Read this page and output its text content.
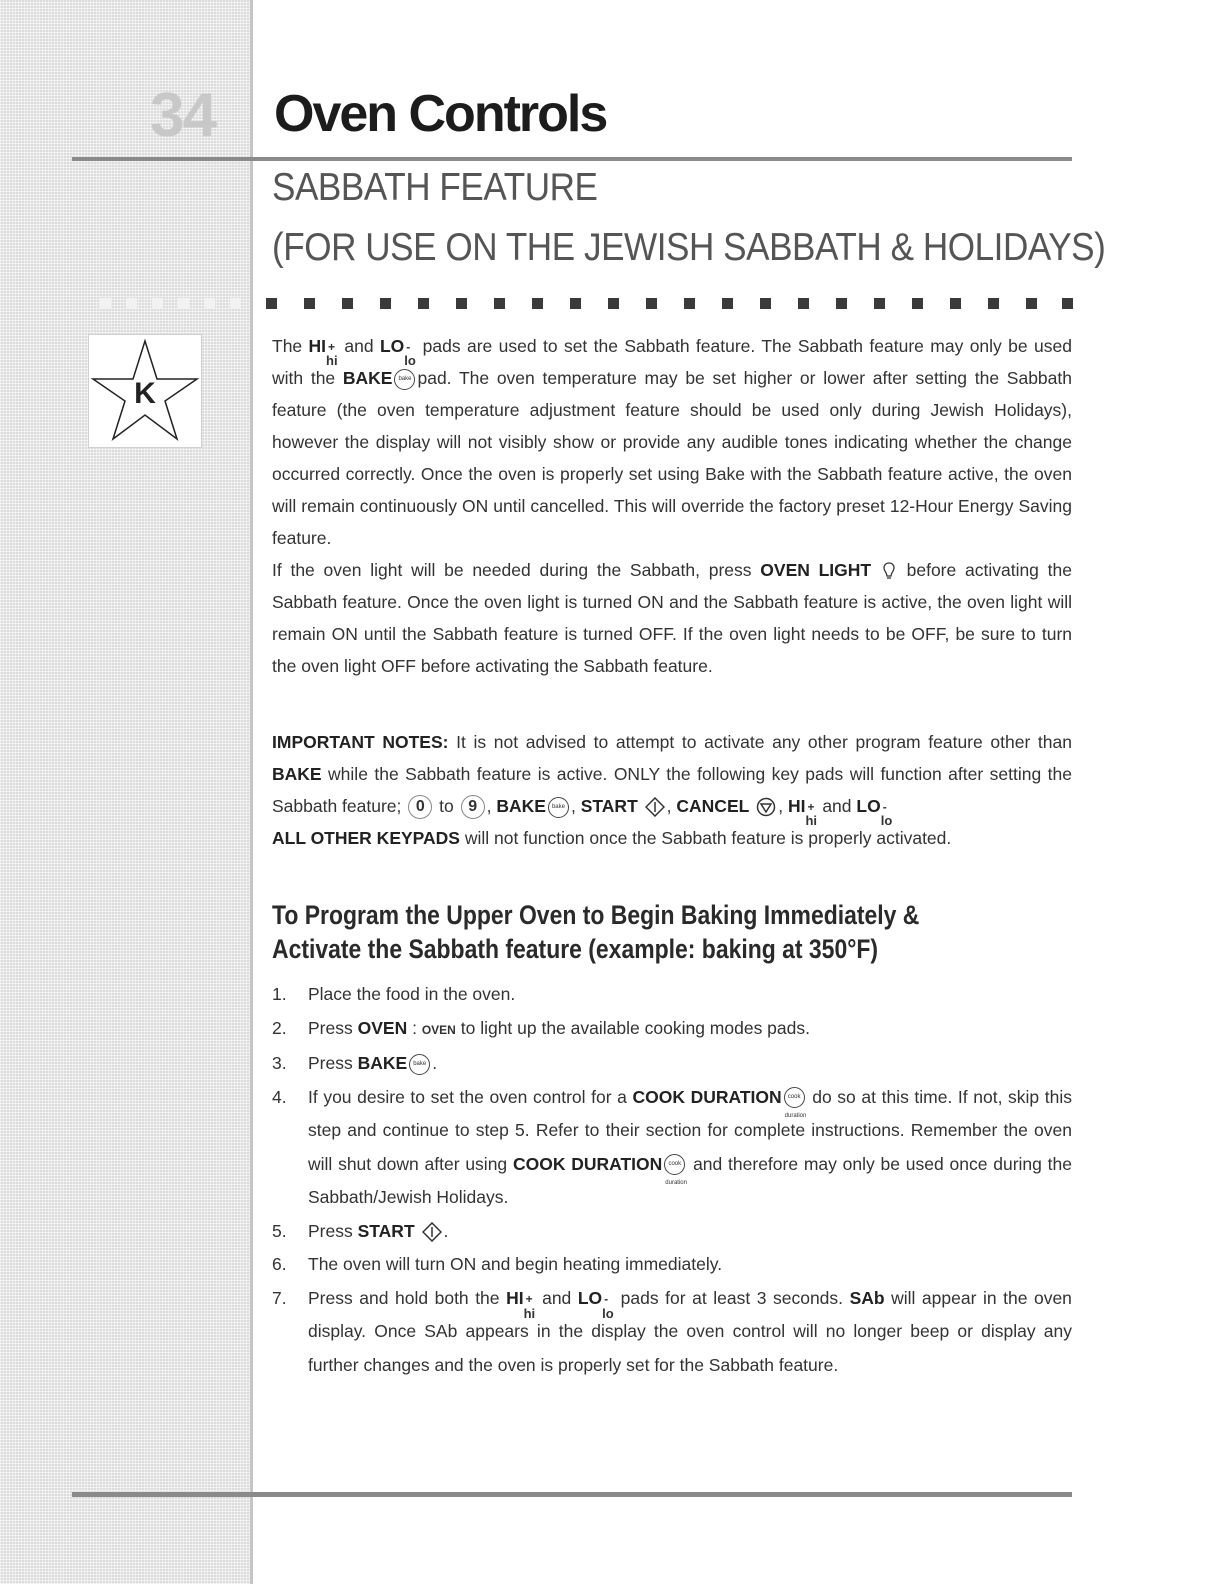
34	Oven Controls
SABBATH FEATURE
(FOR USE ON THE JEWISH SABBATH & HOLIDAYS)
K

The HI +
hi
and LO -
lo
pads are used to set the Sabbath feature. The Sabbath feature may only be used with the BAKE bake pad. The oven temperature may be set higher or lower after setting the Sabbath feature (the oven temperature adjustment feature should be used only during Jewish Holidays), however the display will not visibly show or provide any audible tones indicating whether the change occurred correctly. Once the oven is properly set using Bake with the Sabbath feature active, the oven will remain continuously ON until cancelled. This will override the factory preset 12-Hour Energy Saving feature.

If the oven light will be needed during the Sabbath, press OVEN LIGHT before activating the Sabbath feature. Once the oven light is turned ON and the Sabbath feature is active, the oven light will remain ON until the Sabbath feature is turned OFF. If the oven light needs to be OFF, be sure to turn the oven light OFF before activating the Sabbath feature.

IMPORTANT NOTES: It is not advised to attempt to activate any other program feature other than BAKE while the Sabbath feature is active. ONLY the following key pads will function after setting the Sabbath feature; 0 to 9 , BAKE bake , START , CANCEL , HI +
hi
and LO -
lo

ALL OTHER KEYPADS will not function once the Sabbath feature is properly activated.

To Program the Upper Oven to Begin Baking Immediately & Activate the Sabbath feature (example: baking at 350°F)
1. Place the food in the oven.
2. Press OVEN : OVEN to light up the available cooking modes pads.
3. Press BAKE bake .
4. If you desire to set the oven control for a COOK DURATION cook duration do so at this time. If not, skip this step and continue to step 5. Refer to their section for complete instructions. Remember the oven will shut down after using COOK DURATION cook duration and therefore may only be used once during the Sabbath/Jewish Holidays.
5. Press START .
6. The oven will turn ON and begin heating immediately.
7. Press and hold both the HI +
hi
and LO -
lo
pads for at least 3 seconds. SAb will appear in the oven display. Once SAb appears in the display the oven control will no longer beep or display any further changes and the oven is properly set for the Sabbath feature.
